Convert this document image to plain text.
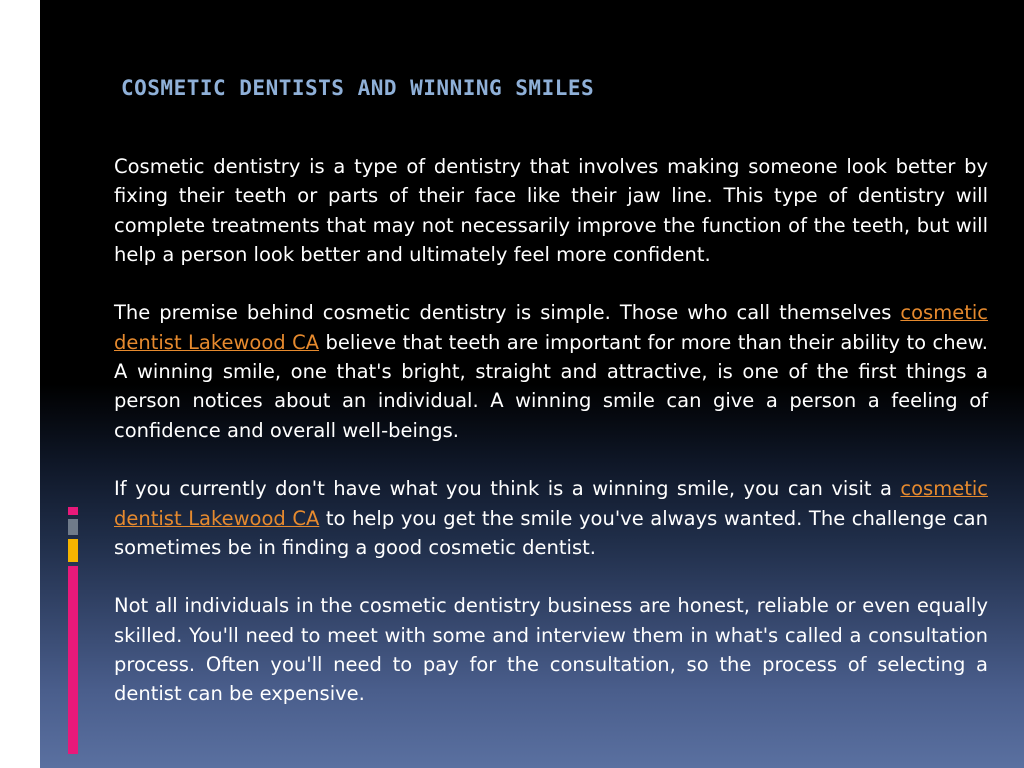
COSMETIC DENTISTS AND WINNING SMILES

Cosmetic dentistry is a type of dentistry that involves making someone look better by fixing their teeth or parts of their face like their jaw line. This type of dentistry will complete treatments that may not necessarily improve the function of the teeth, but will help a person look better and ultimately feel more confident.

The premise behind cosmetic dentistry is simple. Those who call themselves cosmetic dentist Lakewood CA believe that teeth are important for more than their ability to chew. A winning smile, one that's bright, straight and attractive, is one of the first things a person notices about an individual. A winning smile can give a person a feeling of confidence and overall well-beings.

If you currently don't have what you think is a winning smile, you can visit a cosmetic dentist Lakewood CA to help you get the smile you've always wanted. The challenge can sometimes be in finding a good cosmetic dentist.

Not all individuals in the cosmetic dentistry business are honest, reliable or even equally skilled. You'll need to meet with some and interview them in what's called a consultation process. Often you'll need to pay for the consultation, so the process of selecting a dentist can be expensive.
